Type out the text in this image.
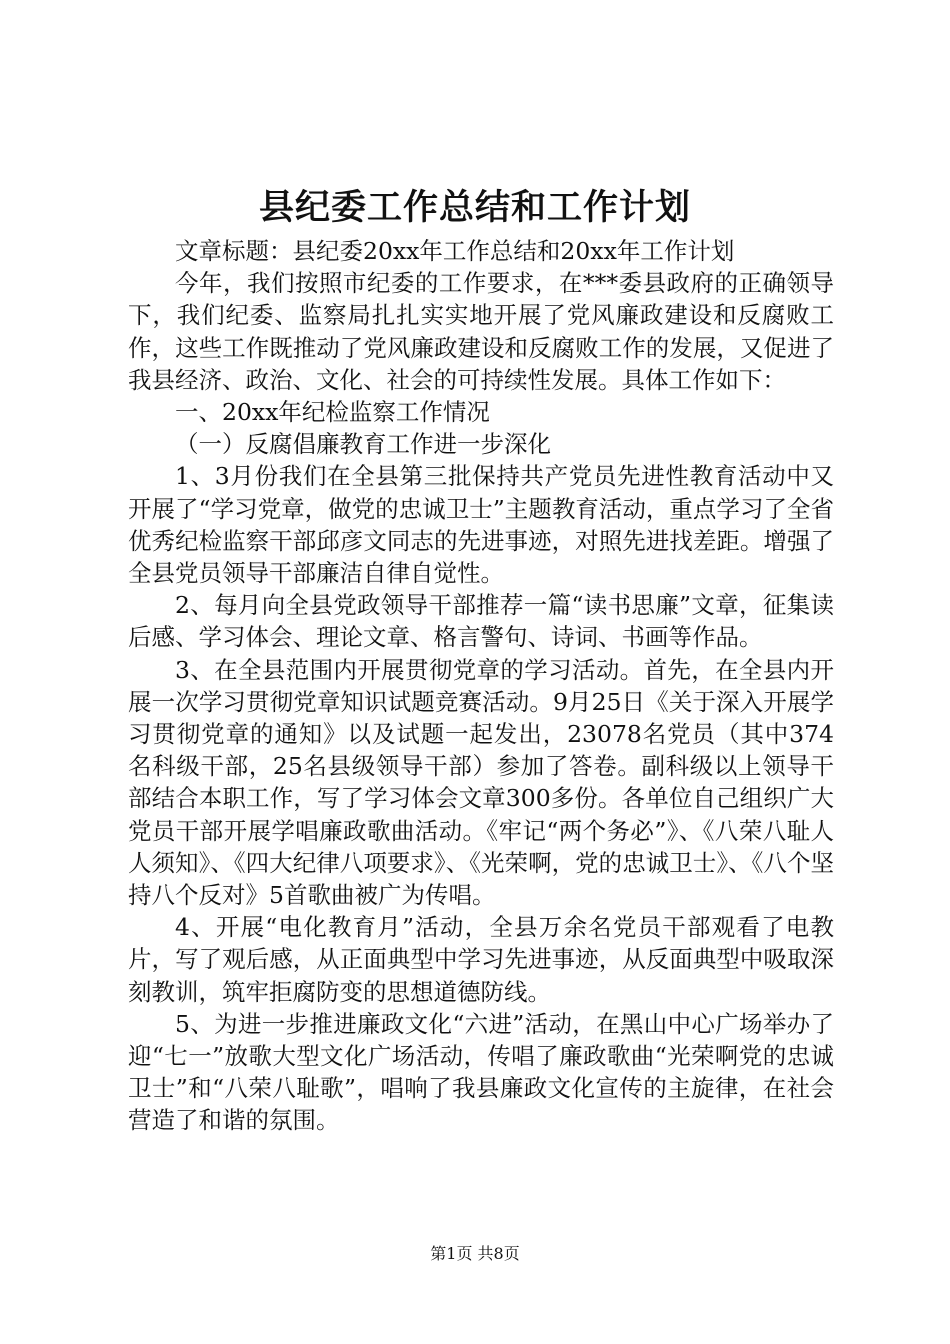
县纪委工作总结和工作计划

文章标题：县纪委20xx年工作总结和20xx年工作计划

今年，我们按照市纪委的工作要求，在***委县政府的正确领导下，我们纪委、监察局扎扎实实地开展了党风廉政建设和反腐败工作，这些工作既推动了党风廉政建设和反腐败工作的发展，又促进了我县经济、政治、文化、社会的可持续性发展。具体工作如下：

一、20xx年纪检监察工作情况

（一）反腐倡廉教育工作进一步深化

1、3月份我们在全县第三批保持共产党员先进性教育活动中又开展了“学习党章，做党的忠诚卫士”主题教育活动，重点学习了全省优秀纪检监察干部邱彦文同志的先进事迹，对照先进找差距。增强了全县党员领导干部廉洁自律自觉性。

2、每月向全县党政领导干部推荐一篇“读书思廉”文章，征集读后感、学习体会、理论文章、格言警句、诗词、书画等作品。

3、在全县范围内开展贯彻党章的学习活动。首先，在全县内开展一次学习贯彻党章知识试题竞赛活动。9月25日《关于深入开展学习贯彻党章的通知》以及试题一起发出，23078名党员（其中374名科级干部，25名县级领导干部）参加了答卷。副科级以上领导干部结合本职工作，写了学习体会文章300多份。各单位自己组织广大党员干部开展学唱廉政歌曲活动。《牢记“两个务必”》、《八荣八耻人人须知》、《四大纪律八项要求》、《光荣啊，党的忠诚卫士》、《八个坚持八个反对》5首歌曲被广为传唱。

4、开展“电化教育月”活动，全县万余名党员干部观看了电教片，写了观后感，从正面典型中学习先进事迹，从反面典型中吸取深刻教训，筑牢拒腐防变的思想道德防线。

5、为进一步推进廉政文化“六进”活动，在黑山中心广场举办了迎“七一”放歌大型文化广场活动，传唱了廉政歌曲“光荣啊党的忠诚卫士”和“八荣八耻歌”，唱响了我县廉政文化宣传的主旋律，在社会营造了和谐的氛围。

第1页 共8页
